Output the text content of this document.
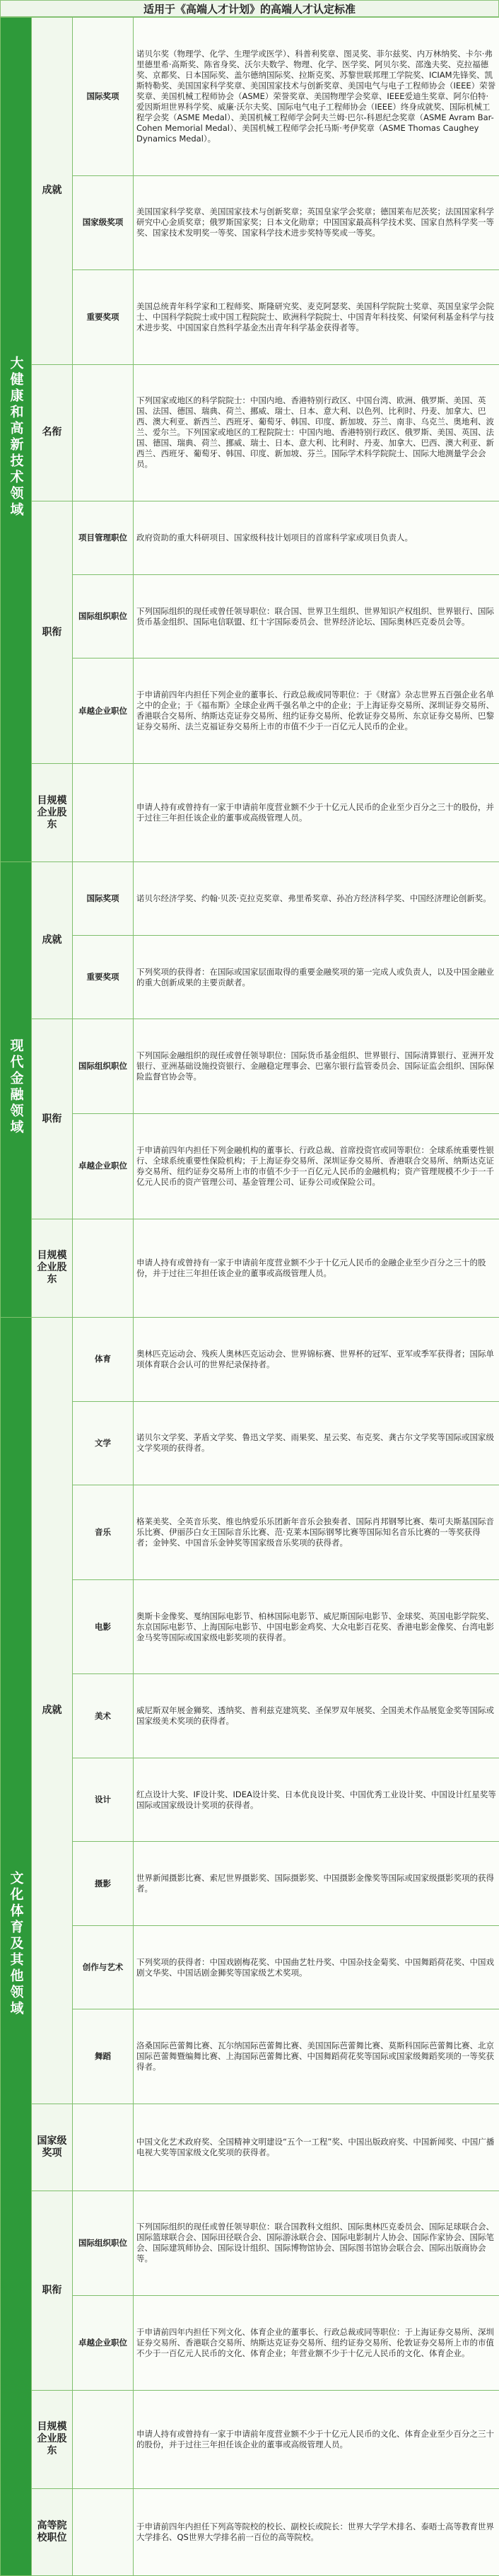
适用于《高端人才计划》的高端人才认定标准
大健康和高新技术领域	成就	国际奖项	诺贝尔奖（物理学、化学、生理学或医学）、科普利奖章、图灵奖、菲尔兹奖、内万林纳奖、卡尔·弗里德里希·高斯奖、陈省身奖、沃尔夫数学、物理、化学、医学奖、阿贝尔奖、邵逸夫奖、克拉福德奖、京都奖、日本国际奖、盖尔德纳国际奖、拉斯克奖、苏黎世联邦理工学院奖、ICIAM先锋奖、凯斯特勒奖、美国国家科学奖章、美国国家技术与创新奖章、美国电气与电子工程师协会（IEEE）荣誉奖章、美国机械工程师协会（ASME）荣誉奖章、美国物理学会奖章、IEEE爱迪生奖章、阿尔伯特·爱因斯坦世界科学奖、威廉·沃尔夫奖、国际电气电子工程师协会（IEEE）终身成就奖、国际机械工程学会奖（ASME Medal）、美国机械工程师学会阿夫兰姆·巴尔-科恩纪念奖章（ASME Avram Bar-Cohen Memorial Medal）、美国机械工程师学会托马斯·考伊奖章（ASME Thomas Caughey Dynamics Medal）。
		国家级奖项	美国国家科学奖章、美国国家技术与创新奖章；英国皇家学会奖章；德国莱布尼茨奖；法国国家科学研究中心金质奖章；俄罗斯国家奖；日本文化勋章；中国国家最高科学技术奖、国家自然科学奖一等奖、国家技术发明奖一等奖、国家科学技术进步奖特等奖或一等奖。
		重要奖项	美国总统青年科学家和工程师奖、斯隆研究奖、麦克阿瑟奖、美国科学院院士奖章、英国皇家学会院士、中国科学院院士或中国工程院院士、欧洲科学院院士、中国青年科技奖、何梁何利基金科学与技术进步奖、中国国家自然科学基金杰出青年科学基金获得者等。
	名衔		下列国家或地区的科学院院士：中国内地、香港特别行政区、中国台湾、欧洲、俄罗斯、美国、英国、法国、德国、瑞典、荷兰、挪威、瑞士、日本、意大利、以色列、比利时、丹麦、加拿大、巴西、澳大利亚、新西兰、西班牙、葡萄牙、韩国、印度、新加坡、芬兰、南非、乌克兰、奥地利、波兰、爱尔兰。下列国家或地区的工程院院士：中国内地、香港特别行政区、俄罗斯、美国、英国、法国、德国、瑞典、荷兰、挪威、瑞士、日本、意大利、比利时、丹麦、加拿大、巴西、澳大利亚、新西兰、西班牙、葡萄牙、韩国、印度、新加坡、芬兰。国际学术科学院院士、国际大地测量学会会员。
	职衔	项目管理职位	政府资助的重大科研项目、国家级科技计划项目的首席科学家或项目负责人。
		国际组织职位	下列国际组织的现任或曾任领导职位：联合国、世界卫生组织、世界知识产权组织、世界银行、国际货币基金组织、国际电信联盟、红十字国际委员会、世界经济论坛、国际奥林匹克委员会等。
		卓越企业职位	于申请前四年内担任下列企业的董事长、行政总裁或同等职位：于《财富》杂志世界五百强企业名单之中的企业；于《福布斯》全球企业两千强名单之中的企业；于上海证券交易所、深圳证券交易所、香港联合交易所、纳斯达克证券交易所、纽约证券交易所、伦敦证券交易所、东京证券交易所、巴黎证券交易所、法兰克福证券交易所上市的市值不少于一百亿元人民币的企业。
	目规模企业股东		申请人持有或曾持有一家于申请前年度营业额不少于十亿元人民币的企业至少百分之三十的股份，并于过往三年担任该企业的董事或高级管理人员。
现代金融领域	成就	国际奖项	诺贝尔经济学奖、约翰·贝茨·克拉克奖章、弗里希奖章、孙冶方经济科学奖、中国经济理论创新奖。
		重要奖项	下列奖项的获得者：在国际或国家层面取得的重要金融奖项的第一完成人或负责人，以及中国金融业的重大创新成果的主要贡献者。
	职衔	国际组织职位	下列国际金融组织的现任或曾任领导职位：国际货币基金组织、世界银行、国际清算银行、亚洲开发银行、亚洲基础设施投资银行、金融稳定理事会、巴塞尔银行监管委员会、国际证监会组织、国际保险监督官协会等。
		卓越企业职位	于申请前四年内担任下列金融机构的董事长、行政总裁、首席投资官或同等职位：全球系统重要性银行、全球系统重要性保险机构；于上海证券交易所、深圳证券交易所、香港联合交易所、纳斯达克证券交易所、纽约证券交易所上市的市值不少于一百亿元人民币的金融机构；资产管理规模不少于一千亿元人民币的资产管理公司、基金管理公司、证券公司或保险公司。
	目规模企业股东		申请人持有或曾持有一家于申请前年度营业额不少于十亿元人民币的金融企业至少百分之三十的股份，并于过往三年担任该企业的董事或高级管理人员。
文化体育及其他领域	成就	体育	奥林匹克运动会、残疾人奥林匹克运动会、世界锦标赛、世界杯的冠军、亚军或季军获得者；国际单项体育联合会认可的世界纪录保持者。
		文学	诺贝尔文学奖、茅盾文学奖、鲁迅文学奖、雨果奖、星云奖、布克奖、龚古尔文学奖等国际或国家级文学奖项的获得者。
		音乐	格莱美奖、全英音乐奖、维也纳爱乐乐团新年音乐会独奏者、国际肖邦钢琴比赛、柴可夫斯基国际音乐比赛、伊丽莎白女王国际音乐比赛、范·克莱本国际钢琴比赛等国际知名音乐比赛的一等奖获得者；金钟奖、中国音乐金钟奖等国家级音乐奖项的获得者。
		电影	奥斯卡金像奖、戛纳国际电影节、柏林国际电影节、威尼斯国际电影节、金球奖、英国电影学院奖、东京国际电影节、上海国际电影节、中国电影金鸡奖、大众电影百花奖、香港电影金像奖、台湾电影金马奖等国际或国家级电影奖项的获得者。
		美术	威尼斯双年展金狮奖、透纳奖、普利兹克建筑奖、圣保罗双年展奖、全国美术作品展览金奖等国际或国家级美术奖项的获得者。
		设计	红点设计大奖、IF设计奖、IDEA设计奖、日本优良设计奖、中国优秀工业设计奖、中国设计红星奖等国际或国家级设计奖项的获得者。
		摄影	世界新闻摄影比赛、索尼世界摄影奖、国际摄影奖、中国摄影金像奖等国际或国家级摄影奖项的获得者。
		创作与艺术	下列奖项的获得者：中国戏剧梅花奖、中国曲艺牡丹奖、中国杂技金菊奖、中国舞蹈荷花奖、中国戏剧文华奖、中国话剧金狮奖等国家级艺术奖项。
		舞蹈	洛桑国际芭蕾舞比赛、瓦尔纳国际芭蕾舞比赛、美国国际芭蕾舞比赛、莫斯科国际芭蕾舞比赛、北京国际芭蕾舞暨编舞比赛、上海国际芭蕾舞比赛、中国舞蹈荷花奖等国际或国家级舞蹈奖项的一等奖获得者。
	国家级奖项		中国文化艺术政府奖、全国精神文明建设“五个一工程”奖、中国出版政府奖、中国新闻奖、中国广播电视大奖等国家级文化奖项的获得者。
	职衔	国际组织职位	下列国际组织的现任或曾任领导职位：联合国教科文组织、国际奥林匹克委员会、国际足球联合会、国际篮球联合会、国际田径联合会、国际游泳联合会、国际电影制片人协会、国际作家协会、国际笔会、国际建筑师协会、国际设计组织、国际博物馆协会、国际图书馆协会联合会、国际出版商协会等。
		卓越企业职位	于申请前四年内担任下列文化、体育企业的董事长、行政总裁或同等职位：于上海证券交易所、深圳证券交易所、香港联合交易所、纳斯达克证券交易所、纽约证券交易所、伦敦证券交易所上市的市值不少于一百亿元人民币的文化、体育企业；年营业额不少于十亿元人民币的文化、体育企业。
	目规模企业股东		申请人持有或曾持有一家于申请前年度营业额不少于十亿元人民币的文化、体育企业至少百分之三十的股份，并于过往三年担任该企业的董事或高级管理人员。
	高等院校职位		于申请前四年内担任下列高等院校的校长、副校长或院长：世界大学学术排名、泰晤士高等教育世界大学排名、QS世界大学排名前一百位的高等院校。
